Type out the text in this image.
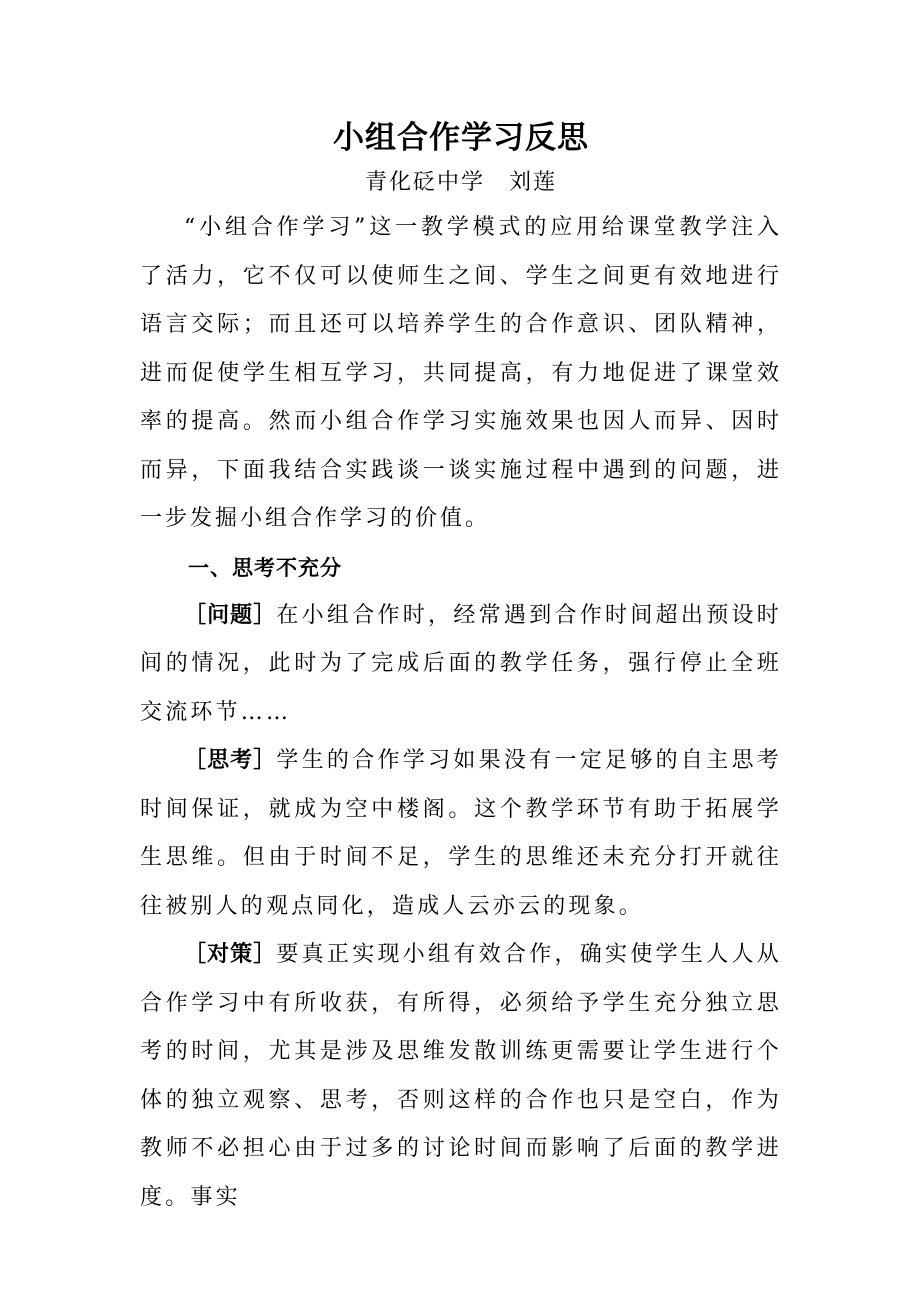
小组合作学习反思
青化砭中学 刘莲

“小组合作学习”这一教学模式的应用给课堂教学注入了活力，它不仅可以使师生之间、学生之间更有效地进行语言交际；而且还可以培养学生的合作意识、团队精神，进而促使学生相互学习，共同提高，有力地促进了课堂效率的提高。然而小组合作学习实施效果也因人而异、因时而异，下面我结合实践谈一谈实施过程中遇到的问题，进一步发掘小组合作学习的价值。

一、思考不充分

［问题］在小组合作时，经常遇到合作时间超出预设时间的情况，此时为了完成后面的教学任务，强行停止全班交流环节……

［思考］学生的合作学习如果没有一定足够的自主思考时间保证，就成为空中楼阁。这个教学环节有助于拓展学生思维。但由于时间不足，学生的思维还未充分打开就往往被别人的观点同化，造成人云亦云的现象。

［对策］要真正实现小组有效合作，确实使学生人人从合作学习中有所收获，有所得，必须给予学生充分独立思考的时间，尤其是涉及思维发散训练更需要让学生进行个体的独立观察、思考，否则这样的合作也只是空白，作为教师不必担心由于过多的讨论时间而影响了后面的教学进度。事实
